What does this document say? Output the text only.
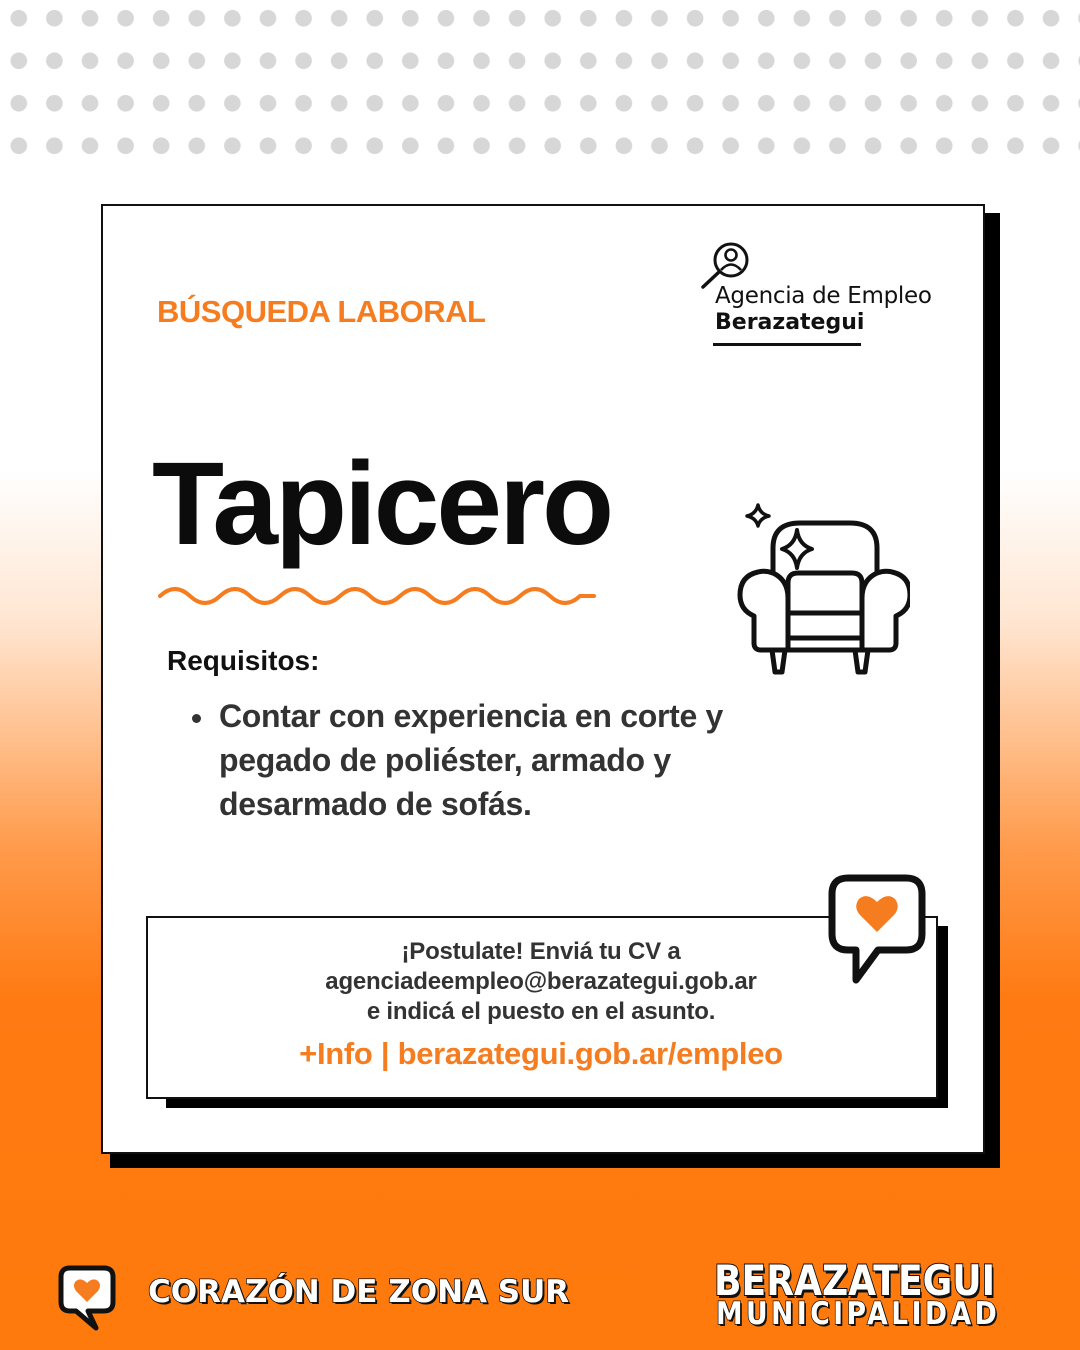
BÚSQUEDA LABORAL	Agencia de Empleo
Berazategui
Tapicero
Requisitos:
Contar con experiencia en corte y pegado de poliéster, armado y desarmado de sofás.
¡Postulate! Enviá tu CV a
agenciadeempleo@berazategui.gob.ar
e indicá el puesto en el asunto.
+Info | berazategui.gob.ar/empleo
CORAZÓN DE ZONA SUR	BERAZATEGUI
MUNICIPALIDAD
